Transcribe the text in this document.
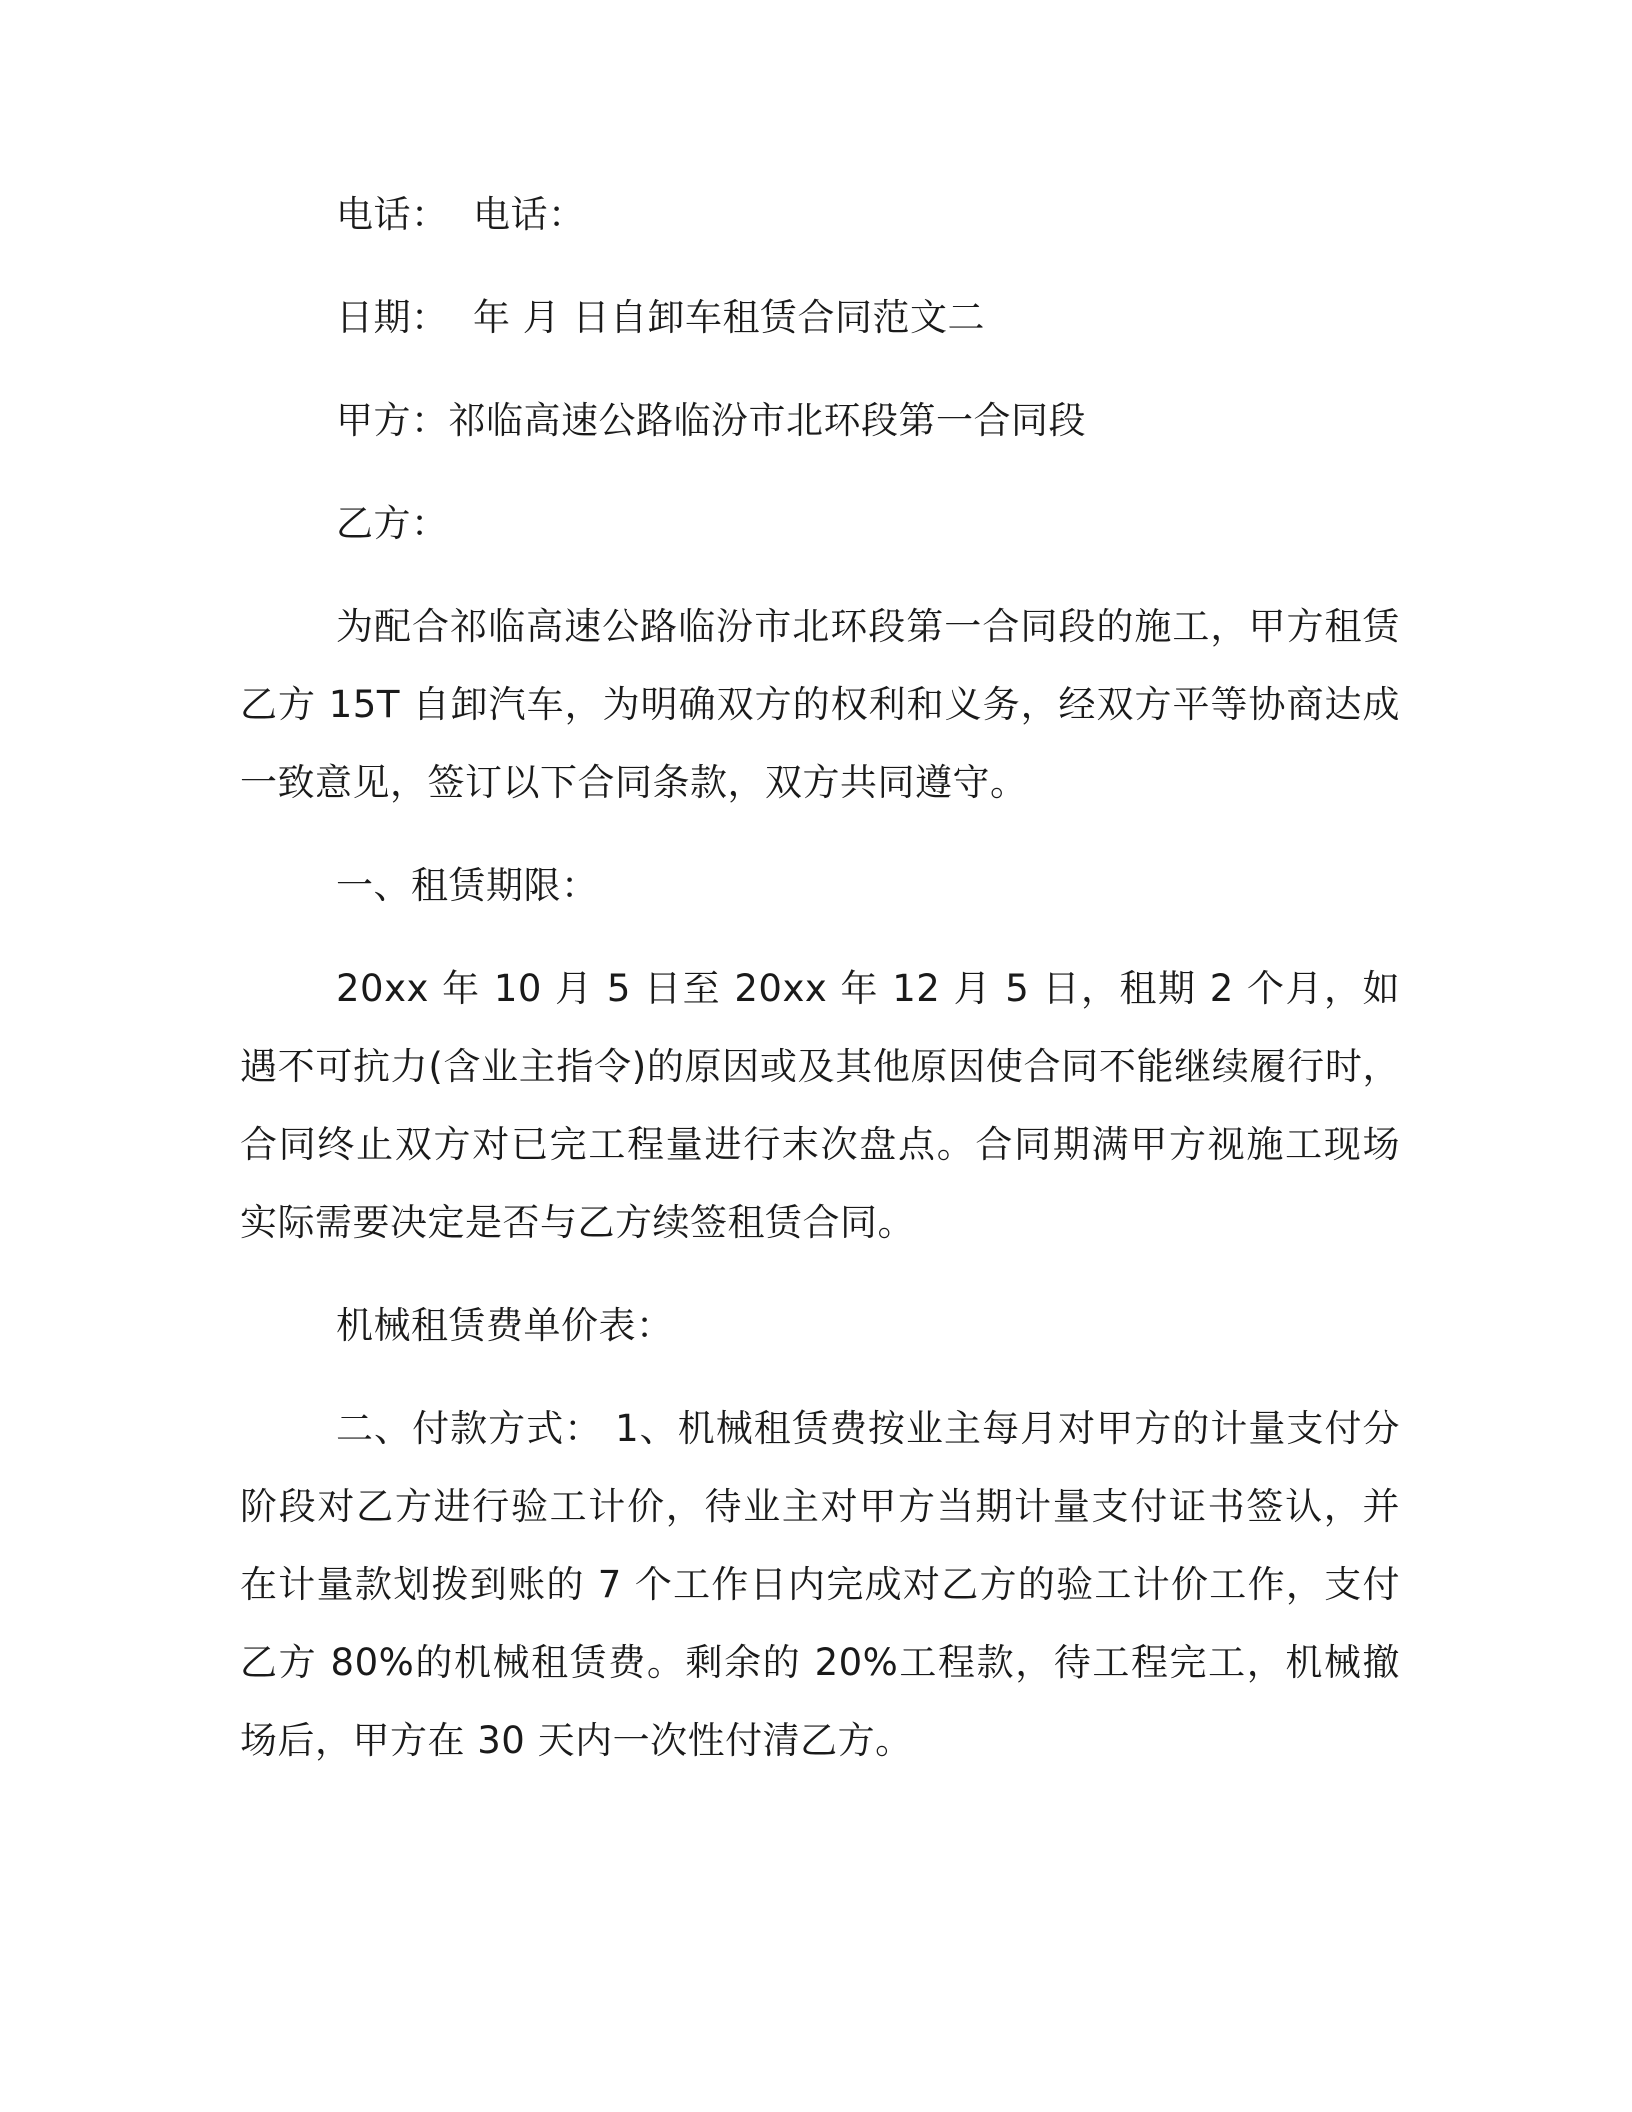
电话：  电话：
日期：  年 月 日自卸车租赁合同范文二
甲方：祁临高速公路临汾市北环段第一合同段
乙方：
为配合祁临高速公路临汾市北环段第一合同段的施工，甲方租赁乙方 15T 自卸汽车，为明确双方的权利和义务，经双方平等协商达成一致意见，签订以下合同条款，双方共同遵守。
一、租赁期限：
20xx 年 10 月 5 日至 20xx 年 12 月 5 日，租期 2 个月，如遇不可抗力(含业主指令)的原因或及其他原因使合同不能继续履行时，合同终止双方对已完工程量进行末次盘点。合同期满甲方视施工现场实际需要决定是否与乙方续签租赁合同。
机械租赁费单价表：
二、付款方式： 1、机械租赁费按业主每月对甲方的计量支付分阶段对乙方进行验工计价，待业主对甲方当期计量支付证书签认，并在计量款划拨到账的 7 个工作日内完成对乙方的验工计价工作，支付乙方 80%的机械租赁费。剩余的 20%工程款，待工程完工，机械撤场后，甲方在 30 天内一次性付清乙方。
